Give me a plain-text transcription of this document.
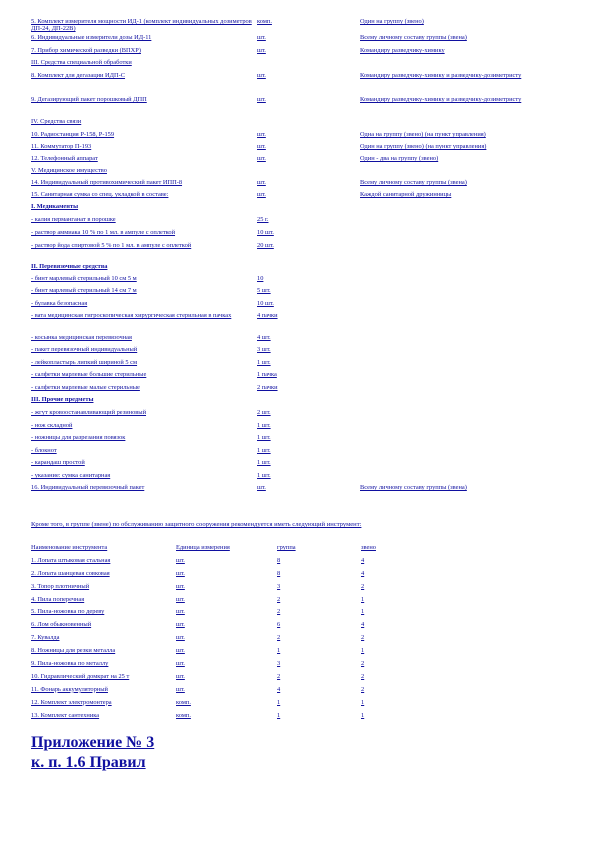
5. Комплект измерителя мощности ИД-1 (комплект индивидуальных дозиметров ДП-24, ДП-22В)	комп.	Один на группу (звено)

6. Индивидуальные измерители дозы ИД-11	шт.	Всему личному составу группы (звена)

7. Прибор химической разведки (ВПХР)	шт.	Командиру разведчику-химику

III. Средства специальной обработки		

8. Комплект для дегазации ИДП-С	шт.	Командиру разведчику-химику и разведчику-дозиметристу

9. Дегазирующий пакет порошковый ДПП	шт.	Командиру разведчику-химику и разведчику-дозиметристу

IV. Средства связи		

10. Радиостанция Р-158, Р-159	шт.	Одна на группу (звено) (на пункт управления)

11. Коммутатор П-193	шт.	Один на группу (звено) (на пункт управления)

12. Телефонный аппарат	шт.	Один - два на группу (звено)

V. Медицинское имущество		

14. Индивидуальный противохимический пакет ИПП-8	шт.	Всему личному составу группы (звена)

15. Санитарная сумка со спец. укладкой в составе:	шт.	Каждой санитарной дружинницы

I. Медикаменты		

- калия перманганат в порошке	25 г.	

- раствор аммиака 10 % по 1 мл. в ампуле с оплеткой	10 шт.	

- раствор йода спиртовой 5 % по 1 мл. в ампуле с оплеткой	20 шт.	

II. Перевязочные средства		

- бинт марлевый стерильный 10 см 5 м	10	

- бинт марлевый стерильный 14 см 7 м	5 шт.	

- булавка безопасная	10 шт.	

- вата медицинская гигроскопическая хирургическая стерильная в пачках	4 пачки	

- косынка медицинская перевязочная	4 шт.	

- пакет перевязочный индивидуальный	3 шт.	

- лейкопластырь липкий шириной 5 см	1 шт.	

- салфетки марлевые большие стерильные	1 пачка	

- салфетки марлевые малые стерильные	2 пачки	

III. Прочие предметы		

- жгут кровоостанавливающий резиновый	2 шт.	

- нож складной	1 шт.	

- ножницы для разрезания повязок	1 шт.	

- блокнот	1 шт.	

- карандаш простой	1 шт.	

- указание: сумка санитарная	1 шт.	

16. Индивидуальный перевязочный пакет	шт.	Всему личному составу группы (звена)
Кроме того, в группе (звене) по обслуживанию защитного сооружения рекомендуется иметь следующий инструмент:
Наименование инструмента	Единица измерения	группа	звено
1. Лопата штыковая стальная	шт.	8	4
2. Лопата шанцевая совковая	шт.	8	4
3. Топор плотничный	шт.	3	2
4. Пила поперечная	шт.	2	1
5. Пила-ножовка по дереву	шт.	2	1
6. Лом обыкновенный	шт.	6	4
7. Кувалда	шт.	2	2
8. Ножницы для резки металла	шт.	1	1
9. Пила-ножовка по металлу	шт.	3	2
10. Гидравлический домкрат на 25 т	шт.	2	2
11. Фонарь аккумуляторный	шт.	4	2
12. Комплект электромонтера	комп.	1	1
13. Комплект сантехника	комп.	1	1
Приложение № 3
к. п. 1.6 Правил
